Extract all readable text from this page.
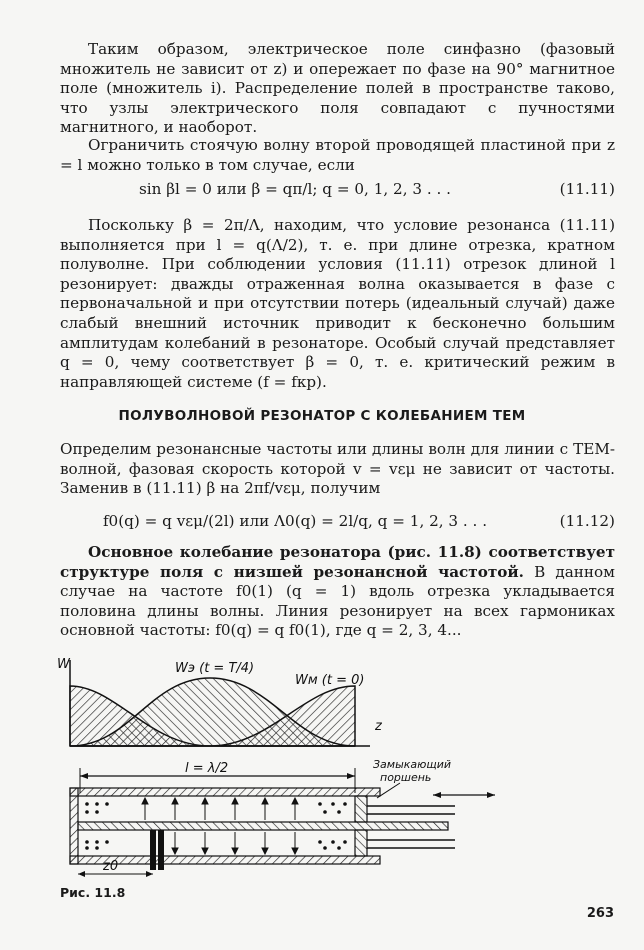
Таким образом, электрическое поле синфазно (фазовый множитель не зависит от z) и опережает по фазе на 90° магнитное поле (множитель i). Распределение полей в пространстве таково, что узлы электрического поля совпадают с пучностями магнитного, и наоборот.

Ограничить стоячую волну второй проводящей пластиной при z = l можно только в том случае, если

sin βl = 0 или β = qπ/l; q = 0, 1, 2, 3 . . .	(11.11)

Поскольку β = 2π/Λ, находим, что условие резонанса (11.11) выполняется при l = q(Λ/2), т. е. при длине отрезка, кратном полуволне. При соблюдении условия (11.11) отрезок длиной l резонирует: дважды отраженная волна оказывается в фазе с первоначальной и при отсутствии потерь (идеальный случай) даже слабый внешний источник приводит к бесконечно большим амплитудам колебаний в резонаторе. Особый случай представляет q = 0, чему соответствует β = 0, т. е. критический режим в направляющей системе (f = fкр).

ПОЛУВОЛНОВОЙ РЕЗОНАТОР С КОЛЕБАНИЕМ ТЕМ

Определим резонансные частоты или длины волн для линии с ТЕМ-волной, фазовая скорость которой v = vεμ не зависит от частоты. Заменив в (11.11) β на 2πf/vεμ, получим

f0(q) = q vεμ/(2l) или Λ0(q) = 2l/q, q = 1, 2, 3 . . .	(11.12)

Основное колебание резонатора (рис. 11.8) соответствует структуре поля с низшей резонансной частотой. В данном случае на частоте f0(1) (q = 1) вдоль отрезка укладывается половина длины волны. Линия резонирует на всех гармониках основной частоты: f0(q) = q f0(1), где q = 2, 3, 4...

W	Wэ (t = T/4)
Wм (t = 0)
z
l = λ/2	Замыкающий
поршень
z0
Рис. 11.8
263
